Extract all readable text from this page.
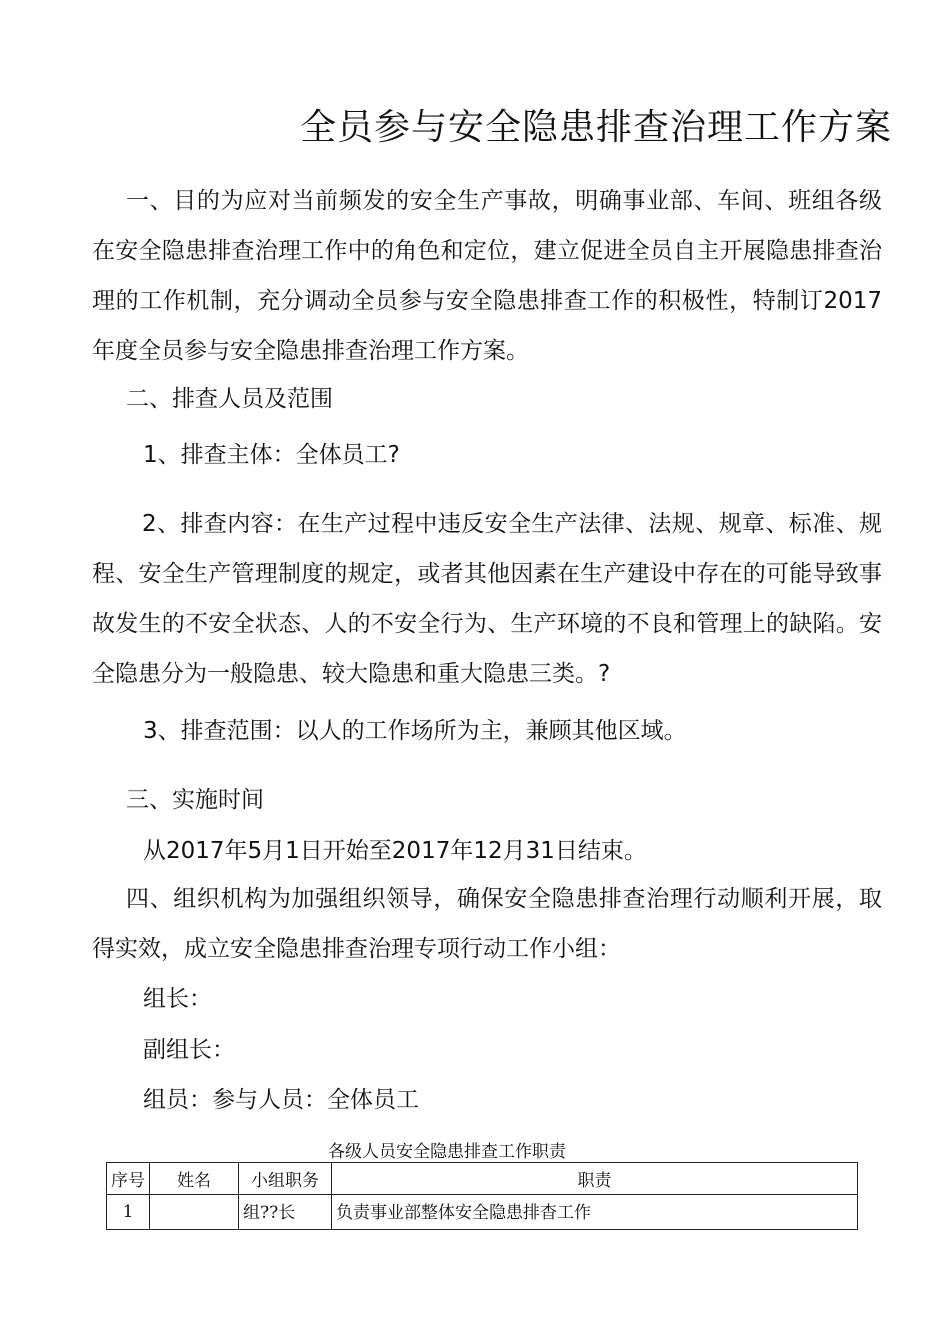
全员参与安全隐患排查治理工作方案
一、目的为应对当前频发的安全生产事故，明确事业部、车间、班组各级在安全隐患排查治理工作中的角色和定位，建立促进全员自主开展隐患排查治理的工作机制，充分调动全员参与安全隐患排查工作的积极性，特制订2017年度全员参与安全隐患排查治理工作方案。
二、排查人员及范围
1、排查主体：全体员工?
2、排查内容：在生产过程中违反安全生产法律、法规、规章、标准、规程、安全生产管理制度的规定，或者其他因素在生产建设中存在的可能导致事故发生的不安全状态、人的不安全行为、生产环境的不良和管理上的缺陷。安全隐患分为一般隐患、较大隐患和重大隐患三类。?
3、排查范围：以人的工作场所为主，兼顾其他区域。
三、实施时间
从2017年5月1日开始至2017年12月31日结束。
四、组织机构为加强组织领导，确保安全隐患排查治理行动顺利开展，取得实效，成立安全隐患排查治理专项行动工作小组：
组长：
副组长：
组员：参与人员：全体员工
各级人员安全隐患排查工作职责
序号	姓名	小组职务	职责
1		组??长	负责事业部整体安全隐患排杳工作
